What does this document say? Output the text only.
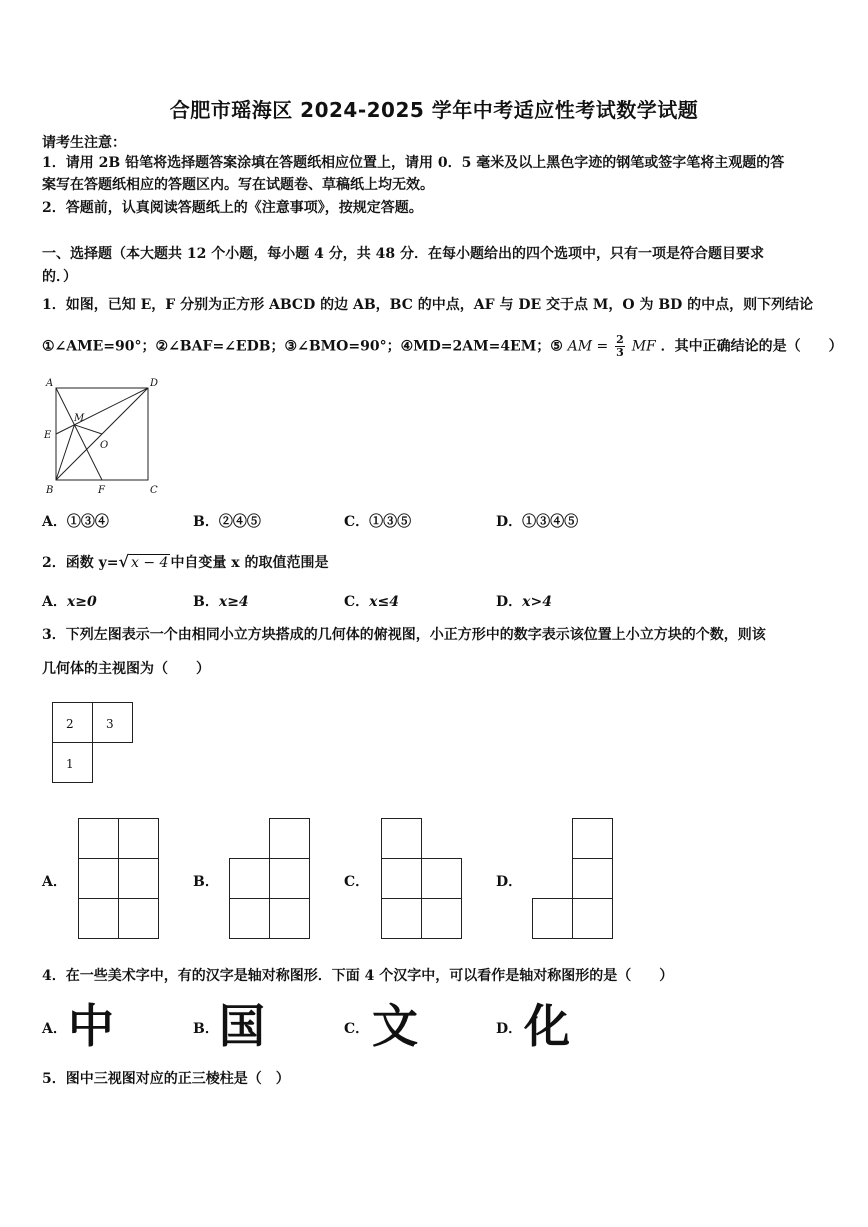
合肥市瑶海区 2024-2025 学年中考适应性考试数学试题
请考生注意：
1．请用 2B 铅笔将选择题答案涂填在答题纸相应位置上，请用 0．5 毫米及以上黑色字迹的钢笔或签字笔将主观题的答
案写在答题纸相应的答题区内。写在试题卷、草稿纸上均无效。
2．答题前，认真阅读答题纸上的《注意事项》，按规定答题。
一、选择题（本大题共 12 个小题，每小题 4 分，共 48 分．在每小题给出的四个选项中，只有一项是符合题目要求
的．）
1．如图，已知 E，F 分别为正方形 ABCD 的边 AB，BC 的中点，AF 与 DE 交于点 M，O 为 BD 的中点，则下列结论
①∠AME=90°；②∠BAF=∠EDB；③∠BMO=90°；④MD=2AM=4EM；⑤ AM = $\frac{2}{3}$ MF ．其中正确结论的是（　　）
A	D
M
E
O
B	F	C
A．①③④	B．②④⑤	C．①③⑤	D．①③④⑤
2．函数 y=√ x − 4 中自变量 x 的取值范围是
A．x≥0	B．x≥4	C．x≤4	D．x>4
3．下列左图表示一个由相同小立方块搭成的几何体的俯视图，小正方形中的数字表示该位置上小立方块的个数，则该
几何体的主视图为（　　）
2	3
1
A．	B．	C．	D．
4．在一些美术字中，有的汉字是轴对称图形．下面 4 个汉字中，可以看作是轴对称图形的是（　　）
A． 中	B． 国	C． 文	D． 化
5．图中三视图对应的正三棱柱是（　）
